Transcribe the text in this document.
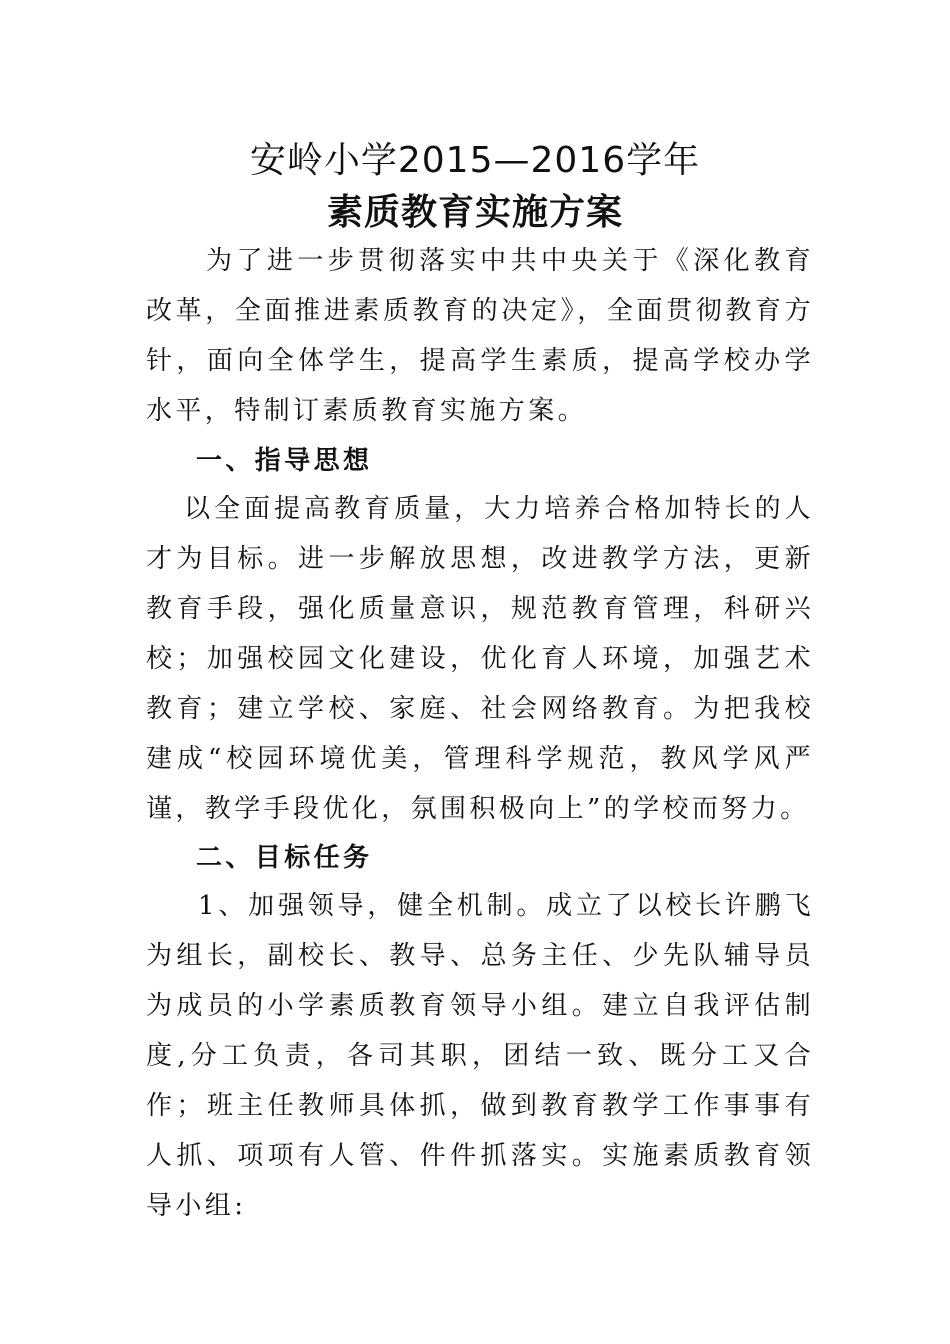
安岭小学2015—2016学年
素质教育实施方案

为了进一步贯彻落实中共中央关于《深化教育改革，全面推进素质教育的决定》，全面贯彻教育方针，面向全体学生，提高学生素质，提高学校办学水平，特制订素质教育实施方案。

一、指导思想

以全面提高教育质量，大力培养合格加特长的人才为目标。进一步解放思想，改进教学方法，更新教育手段，强化质量意识，规范教育管理，科研兴校；加强校园文化建设，优化育人环境，加强艺术教育；建立学校、家庭、社会网络教育。为把我校建成“校园环境优美，管理科学规范，教风学风严谨，教学手段优化，氛围积极向上”的学校而努力。

二、目标任务

1、加强领导，健全机制。成立了以校长许鹏飞为组长，副校长、教导、总务主任、少先队辅导员为成员的小学素质教育领导小组。建立自我评估制度,分工负责，各司其职，团结一致、既分工又合作；班主任教师具体抓，做到教育教学工作事事有人抓、项项有人管、件件抓落实。实施素质教育领导小组:
